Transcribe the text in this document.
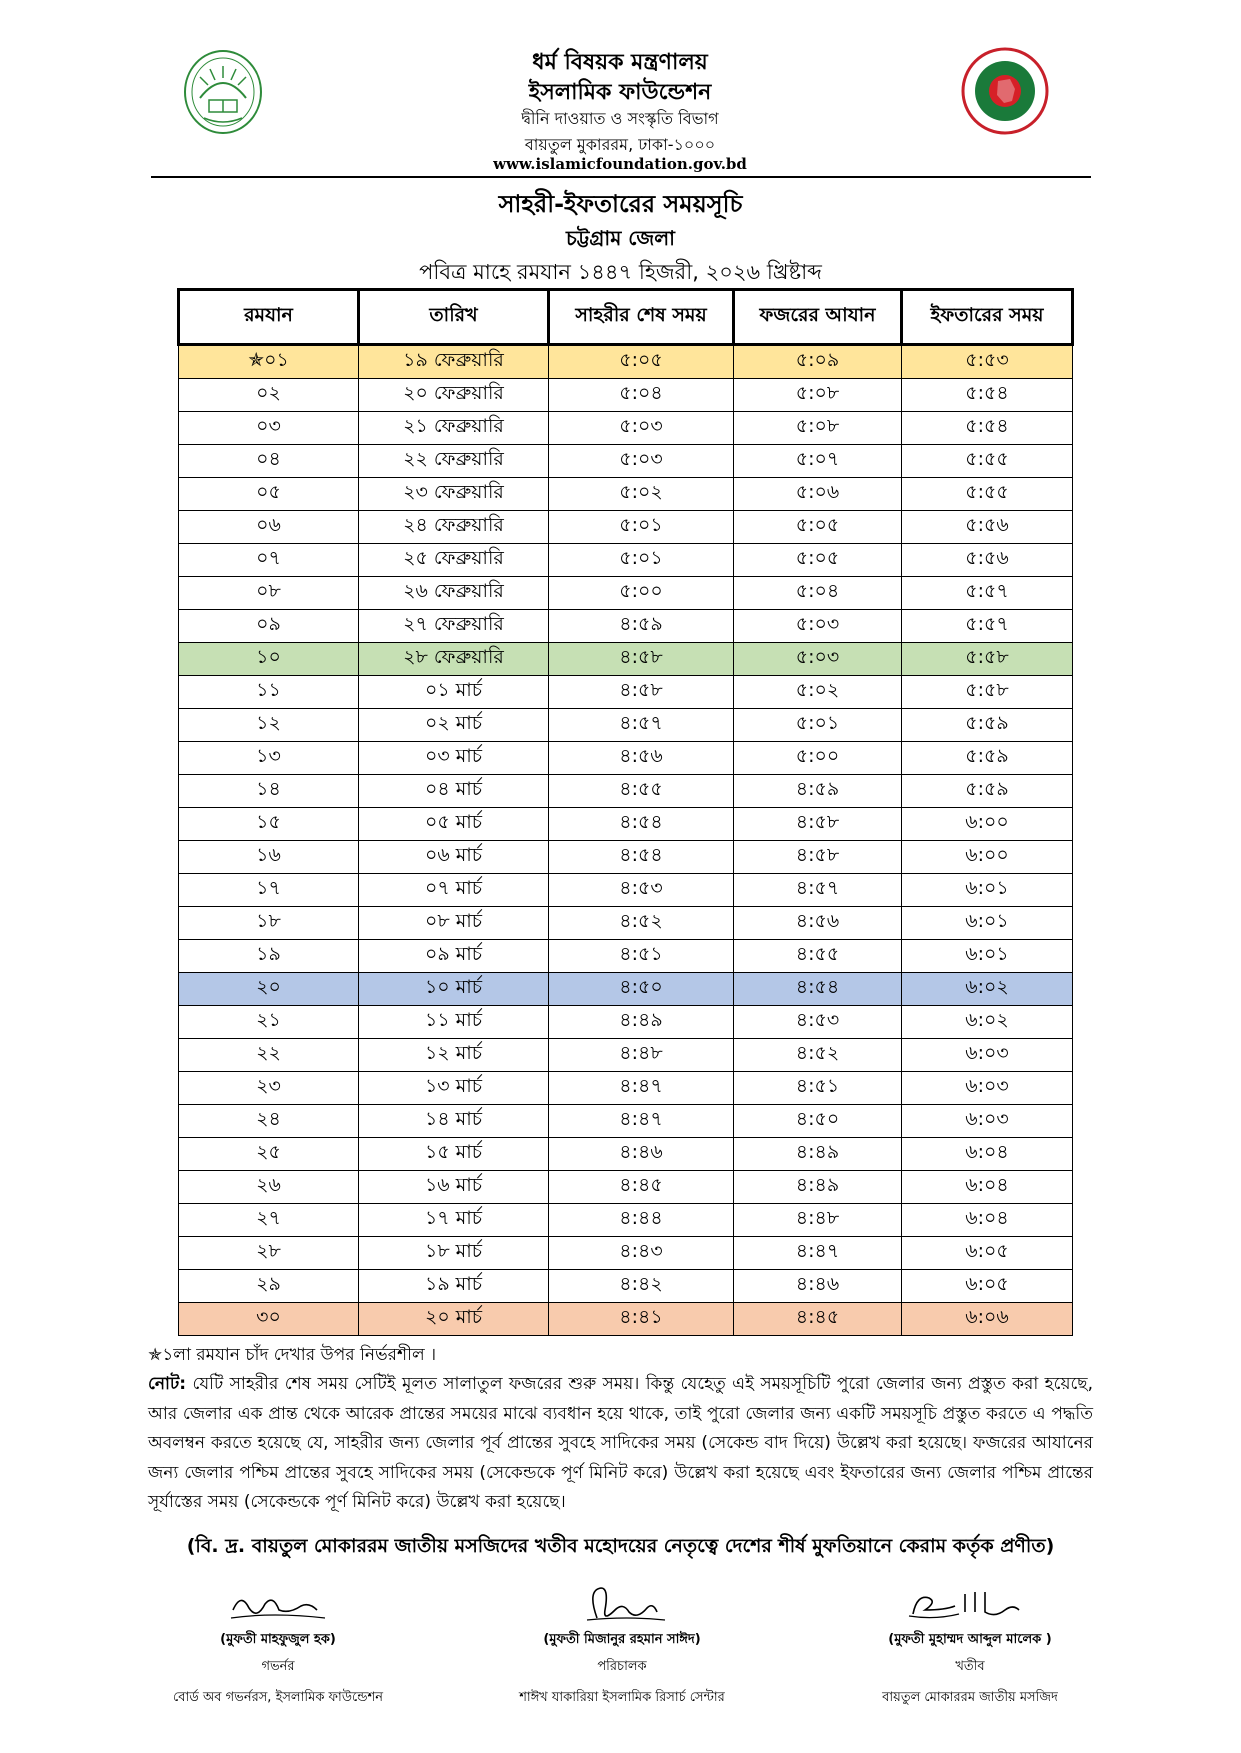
ধর্ম বিষয়ক মন্ত্রণালয়
ইসলামিক ফাউন্ডেশন
দ্বীনি দাওয়াত ও সংস্কৃতি বিভাগ
বায়তুল মুকাররম, ঢাকা-১০০০
www.islamicfoundation.gov.bd
সাহরী-ইফতারের সময়সূচি
চট্টগ্রাম জেলা
পবিত্র মাহে রমযান ১৪৪৭ হিজরী, ২০২৬ খ্রিষ্টাব্দ
রমযান	তারিখ	সাহরীর শেষ সময়	ফজরের আযান	ইফতারের সময়
✯০১	১৯ ফেব্রুয়ারি	৫:০৫	৫:০৯	৫:৫৩
০২	২০ ফেব্রুয়ারি	৫:০৪	৫:০৮	৫:৫৪
০৩	২১ ফেব্রুয়ারি	৫:০৩	৫:০৮	৫:৫৪
০৪	২২ ফেব্রুয়ারি	৫:০৩	৫:০৭	৫:৫৫
০৫	২৩ ফেব্রুয়ারি	৫:০২	৫:০৬	৫:৫৫
০৬	২৪ ফেব্রুয়ারি	৫:০১	৫:০৫	৫:৫৬
০৭	২৫ ফেব্রুয়ারি	৫:০১	৫:০৫	৫:৫৬
০৮	২৬ ফেব্রুয়ারি	৫:০০	৫:০৪	৫:৫৭
০৯	২৭ ফেব্রুয়ারি	৪:৫৯	৫:০৩	৫:৫৭
১০	২৮ ফেব্রুয়ারি	৪:৫৮	৫:০৩	৫:৫৮
১১	০১ মার্চ	৪:৫৮	৫:০২	৫:৫৮
১২	০২ মার্চ	৪:৫৭	৫:০১	৫:৫৯
১৩	০৩ মার্চ	৪:৫৬	৫:০০	৫:৫৯
১৪	০৪ মার্চ	৪:৫৫	৪:৫৯	৫:৫৯
১৫	০৫ মার্চ	৪:৫৪	৪:৫৮	৬:০০
১৬	০৬ মার্চ	৪:৫৪	৪:৫৮	৬:০০
১৭	০৭ মার্চ	৪:৫৩	৪:৫৭	৬:০১
১৮	০৮ মার্চ	৪:৫২	৪:৫৬	৬:০১
১৯	০৯ মার্চ	৪:৫১	৪:৫৫	৬:০১
২০	১০ মার্চ	৪:৫০	৪:৫৪	৬:০২
২১	১১ মার্চ	৪:৪৯	৪:৫৩	৬:০২
২২	১২ মার্চ	৪:৪৮	৪:৫২	৬:০৩
২৩	১৩ মার্চ	৪:৪৭	৪:৫১	৬:০৩
২৪	১৪ মার্চ	৪:৪৭	৪:৫০	৬:০৩
২৫	১৫ মার্চ	৪:৪৬	৪:৪৯	৬:০৪
২৬	১৬ মার্চ	৪:৪৫	৪:৪৯	৬:০৪
২৭	১৭ মার্চ	৪:৪৪	৪:৪৮	৬:০৪
২৮	১৮ মার্চ	৪:৪৩	৪:৪৭	৬:০৫
২৯	১৯ মার্চ	৪:৪২	৪:৪৬	৬:০৫
৩০	২০ মার্চ	৪:৪১	৪:৪৫	৬:০৬
✯১লা রমযান চাঁদ দেখার উপর নির্ভরশীল ।
নোট: যেটি সাহরীর শেষ সময় সেটিই মূলত সালাতুল ফজরের শুরু সময়। কিন্তু যেহেতু এই সময়সূচিটি পুরো জেলার জন্য প্রস্তুত করা হয়েছে, আর জেলার এক প্রান্ত থেকে আরেক প্রান্তের সময়ের মাঝে ব্যবধান হয়ে থাকে, তাই পুরো জেলার জন্য একটি সময়সূচি প্রস্তুত করতে এ পদ্ধতি অবলম্বন করতে হয়েছে যে, সাহরীর জন্য জেলার পূর্ব প্রান্তের সুবহে সাদিকের সময় (সেকেন্ড বাদ দিয়ে) উল্লেখ করা হয়েছে। ফজরের আযানের জন্য জেলার পশ্চিম প্রান্তের সুবহে সাদিকের সময় (সেকেন্ডকে পূর্ণ মিনিট করে) উল্লেখ করা হয়েছে এবং ইফতারের জন্য জেলার পশ্চিম প্রান্তের সূর্যাস্তের সময় (সেকেন্ডকে পূর্ণ মিনিট করে) উল্লেখ করা হয়েছে।
(বি. দ্র. বায়তুল মোকাররম জাতীয় মসজিদের খতীব মহোদয়ের নেতৃত্বে দেশের শীর্ষ মুফতিয়ানে কেরাম কর্তৃক প্রণীত)
(মুফতী মাহফুজুল হক)
গভর্নর
বোর্ড অব গভর্নরস, ইসলামিক ফাউন্ডেশন
(মুফতী মিজানুর রহমান সাঈদ)
পরিচালক
শাঈখ যাকারিয়া ইসলামিক রিসার্চ সেন্টার
(মুফতী মুহাম্মদ আব্দুল মালেক )
খতীব
বায়তুল মোকাররম জাতীয় মসজিদ
